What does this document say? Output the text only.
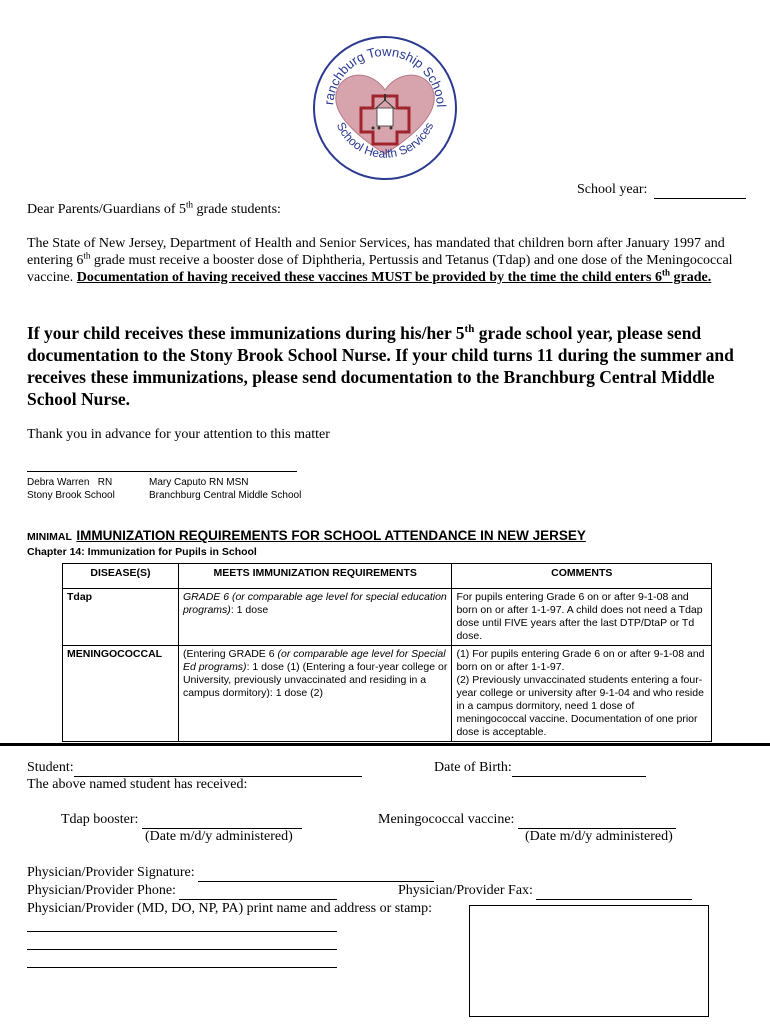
ranchburg Township School
School Health Services
School year:
Dear Parents/Guardians of 5th grade students:
The State of New Jersey, Department of Health and Senior Services, has mandated that children born after January 1997 and entering 6th grade must receive a booster dose of Diphtheria, Pertussis and Tetanus (Tdap) and one dose of the Meningococcal vaccine. Documentation of having received these vaccines MUST be provided by the time the child enters 6th grade.
If your child receives these immunizations during his/her 5th grade school year, please send documentation to the Stony Brook School Nurse. If your child turns 11 during the summer and receives these immunizations, please send documentation to the Branchburg Central Middle School Nurse.
Thank you in advance for your attention to this matter
Debra Warren   RN
Stony Brook School
Mary Caputo RN MSN
Branchburg Central Middle School
MINIMAL IMMUNIZATION REQUIREMENTS FOR SCHOOL ATTENDANCE IN NEW JERSEY
Chapter 14: Immunization for Pupils in School
DISEASE(S)	MEETS IMMUNIZATION REQUIREMENTS	COMMENTS
Tdap	GRADE 6 (or comparable age level for special education programs): 1 dose	For pupils entering Grade 6 on or after 9-1-08 and born on or after 1-1-97. A child does not need a Tdap dose until FIVE years after the last DTP/DtaP or Td dose.
MENINGOCOCCAL	(Entering GRADE 6 (or comparable age level for Special Ed programs): 1 dose (1) (Entering a four-year college or University, previously unvaccinated and residing in a campus dormitory): 1 dose (2)	(1) For pupils entering Grade 6 on or after 9-1-08 and born on or after 1-1-97.
(2) Previously unvaccinated students entering a four-year college or university after 9-1-04 and who reside in a campus dormitory, need 1 dose of meningococcal vaccine. Documentation of one prior dose is acceptable.
Student:	Date of Birth:
The above named student has received:
Tdap booster:
(Date m/d/y administered)
Meningococcal vaccine:
(Date m/d/y administered)
Physician/Provider Signature:
Physician/Provider Phone:	Physician/Provider Fax:
Physician/Provider (MD, DO, NP, PA) print name and address or stamp:
